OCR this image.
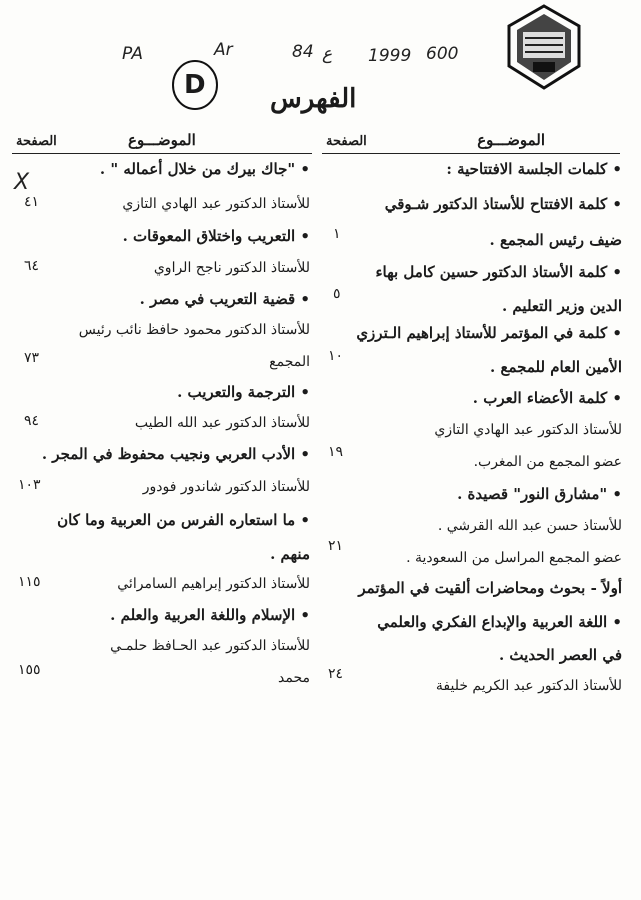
PA	Ar
D
84 ع 1999 600
الفهرس
الموضـــوع
الصفحة
الموضـــوع
الصفحة
X
• كلمات الجلسة الافتتاحية :
• كلمة الافتتاح للأستاذ الدكتور شـوقي
ضيف رئيس المجمع .
• كلمة الأستاذ الدكتور حسين كامل بهاء
الدين وزير التعليم .
• كلمة في المؤتمر للأستاذ إبراهيم الـترزي
الأمين العام للمجمع .
• كلمة الأعضاء العرب .
للأستاذ الدكتور عبد الهادي التازي
عضو المجمع من المغرب.
• "مشارق النور" قصيدة .
للأستاذ حسن عبد الله القرشي .
عضو المجمع المراسل من السعودية .
أولاً - بحوث ومحاضرات ألقيت في المؤتمر
• اللغة العربية والإبداع الفكري والعلمي
في العصر الحديث .
للأستاذ الدكتور عبد الكريم خليفة
١
٥
١٠
١٩
٢١
٢٤
• "جاك بيرك من خلال أعماله " .
للأستاذ الدكتور عبد الهادي التازي
• التعريب واختلاق المعوقات .
للأستاذ الدكتور ناجح الراوي
• قضية التعريب في مصر .
للأستاذ الدكتور محمود حافظ نائب رئيس
المجمع
• الترجمة والتعريب .
للأستاذ الدكتور عبد الله الطيب
• الأدب العربي ونجيب محفوظ في المجر .
للأستاذ الدكتور شاندور فودور
• ما استعاره الفرس من العربية وما كان
منهم .
للأستاذ الدكتور إبراهيم السامرائي
• الإسلام واللغة العربية والعلم .
للأستاذ الدكتور عبد الحـافظ حلمـي
محمد
٤١
٦٤
٧٣
٩٤
١٠٣
١١٥
١٥٥
